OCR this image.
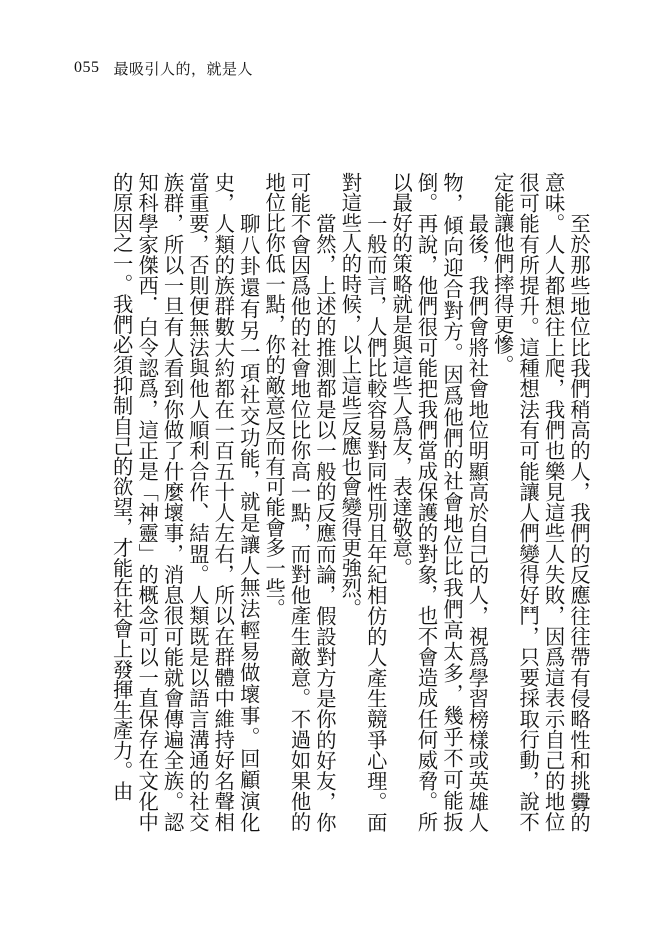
055 最吸引人的，就是人

至於那些地位比我們稍高的人，我們的反應往往帶有侵略性和挑釁的意味。人人都想往上爬，我們也樂見這些人失敗，因爲這表示自己的地位很可能有所提升。這種想法有可能讓人們變得好鬥，只要採取行動，說不定能讓他們摔得更慘。

最後，我們會將社會地位明顯高於自己的人，視爲學習榜樣或英雄人物，傾向迎合對方。因爲他們的社會地位比我們高太多，幾乎不可能扳倒。再說，他們很可能把我們當成保護的對象，也不會造成任何威脅。所以最好的策略就是與這些人爲友，表達敬意。

一般而言，人們比較容易對同性別且年紀相仿的人產生競爭心理。面對這些人的時候，以上這些反應也會變得更強烈。

當然，上述的推測都是以一般的反應而論，假設對方是你的好友，你可能不會因爲他的社會地位比你高一點，而對他產生敵意。不過如果他的地位比你低一點，你的敵意反而有可能會多一些。

聊八卦還有另一項社交功能，就是讓人無法輕易做壞事。回顧演化史，人類的族群數大約都在一百五十人左右，所以在群體中維持好名聲相當重要，否則便無法與他人順利合作、結盟。人類既是以語言溝通的社交族群，所以一旦有人看到你做了什麼壞事，消息很可能就會傳遍全族。認知科學家傑西．白令認爲，這正是「神靈」的概念可以一直保存在文化中的原因之一。我們必須抑制自己的欲望，才能在社會上發揮生產力。由
